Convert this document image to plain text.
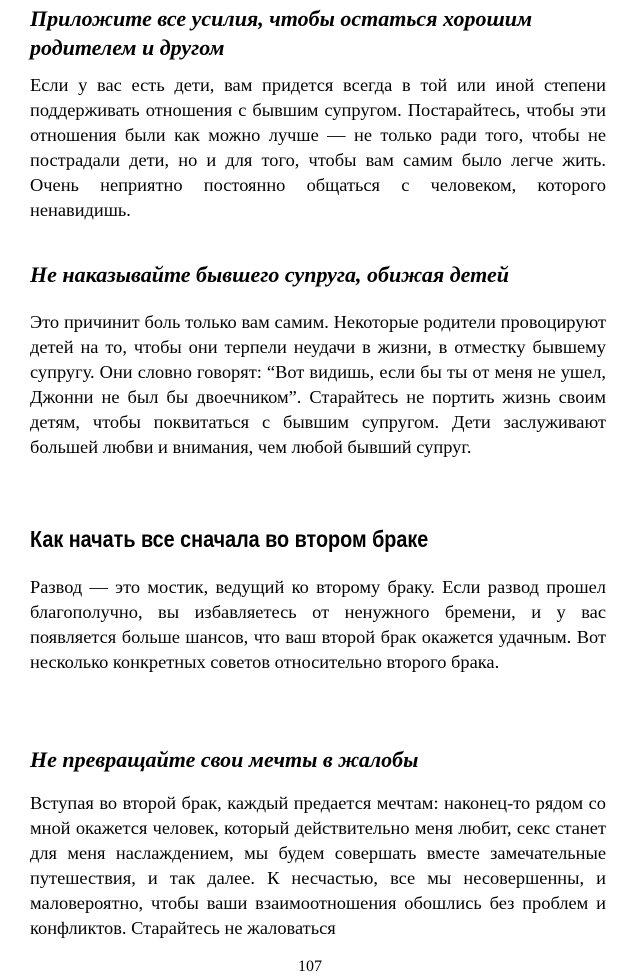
Приложите все усилия, чтобы остаться хорошим родителем и другом

Если у вас есть дети, вам придется всегда в той или иной степени поддерживать отношения с бывшим супругом. Постарайтесь, чтобы эти отношения были как можно лучше — не только ради того, чтобы не пострадали дети, но и для того, чтобы вам самим было легче жить. Очень неприятно постоянно общаться с человеком, которого ненавидишь.

Не наказывайте бывшего супруга, обижая детей

Это причинит боль только вам самим. Некоторые родители провоцируют детей на то, чтобы они терпели неудачи в жизни, в отместку бывшему супругу. Они словно говорят: “Вот видишь, если бы ты от меня не ушел, Джонни не был бы двоечником”. Старайтесь не портить жизнь своим детям, чтобы поквитаться с бывшим супругом. Дети заслуживают большей любви и внимания, чем любой бывший супруг.

Как начать все сначала во втором браке

Развод — это мостик, ведущий ко второму браку. Если развод прошел благополучно, вы избавляетесь от ненужного бремени, и у вас появляется больше шансов, что ваш второй брак окажется удачным. Вот несколько конкретных советов относительно второго брака.

Не превращайте свои мечты в жалобы

Вступая во второй брак, каждый предается мечтам: наконец-то рядом со мной окажется человек, который действительно меня любит, секс станет для меня наслаждением, мы будем совершать вместе замечательные путешествия, и так далее. К несчастью, все мы несовершенны, и маловероятно, чтобы ваши взаимоотношения обошлись без проблем и конфликтов. Старайтесь не жаловаться

107
